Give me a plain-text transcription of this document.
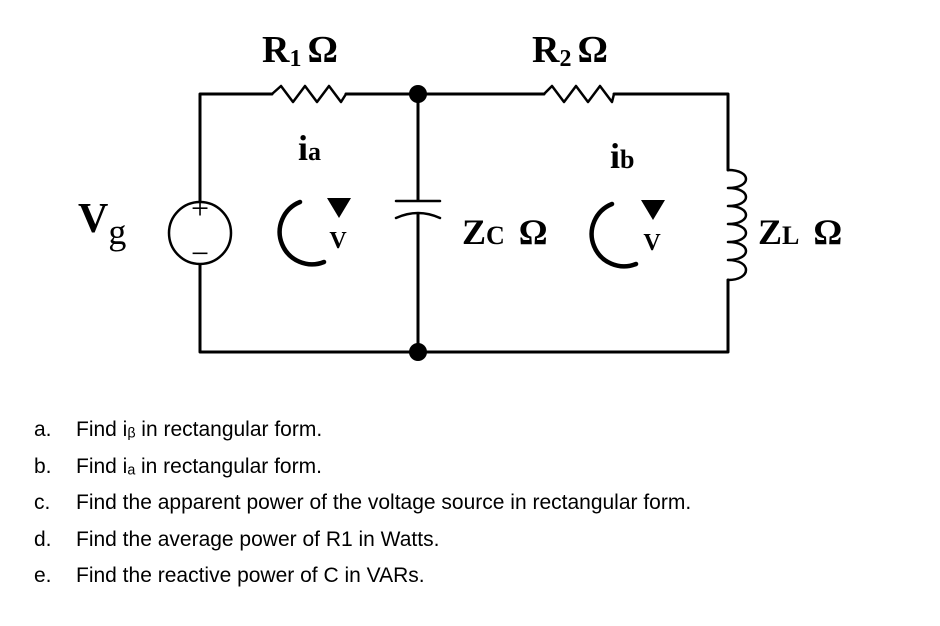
R1 Ω	R2 Ω
+
−
Vg	ZC Ω	ZL Ω
ia
V
ib
V
a. Find iᵦ in rectangular form.
b. Find iₐ in rectangular form.
c. Find the apparent power of the voltage source in rectangular form.
d. Find the average power of R1 in Watts.
e. Find the reactive power of C in VARs.
